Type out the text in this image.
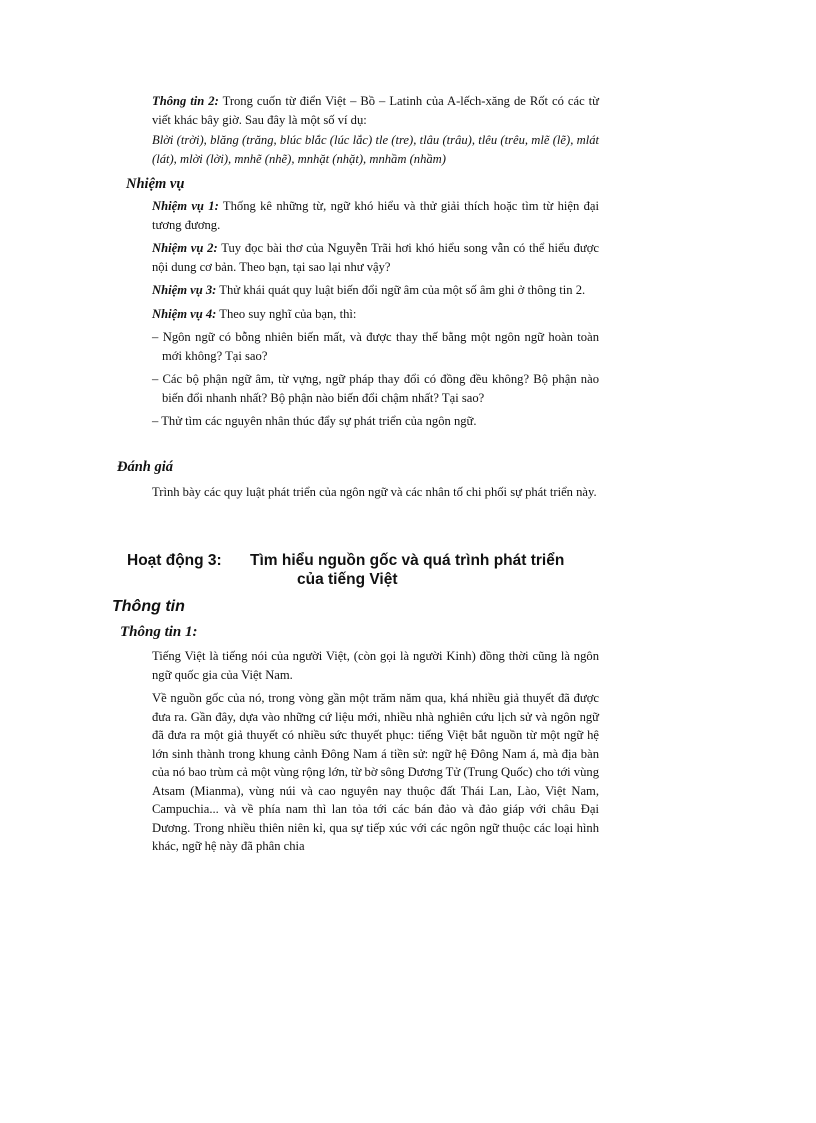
Thông tin 2: Trong cuốn từ điển Việt – Bồ – Latinh của A-lếch-xăng de Rốt có các từ viết khác bây giờ. Sau đây là một số ví dụ:

Blời (trời), blăng (trăng, blúc blắc (lúc lắc) tle (tre), tlâu (trâu), tlêu (trêu, mlẽ (lẽ), mlát (lát), mlời (lời), mnhẽ (nhẽ), mnhặt (nhặt), mnhầm (nhầm)

Nhiệm vụ

Nhiệm vụ 1: Thống kê những từ, ngữ khó hiểu và thử giải thích hoặc tìm từ hiện đại tương đương.

Nhiệm vụ 2: Tuy đọc bài thơ của Nguyễn Trãi hơi khó hiểu song vẫn có thể hiểu được nội dung cơ bản. Theo bạn, tại sao lại như vậy?

Nhiệm vụ 3: Thử khái quát quy luật biến đổi ngữ âm của một số âm ghi ở thông tin 2.

Nhiệm vụ 4: Theo suy nghĩ của bạn, thì:

– Ngôn ngữ có bỗng nhiên biến mất, và được thay thế bằng một ngôn ngữ hoàn toàn mới không? Tại sao?

– Các bộ phận ngữ âm, từ vựng, ngữ pháp thay đổi có đồng đều không? Bộ phận nào biến đổi nhanh nhất? Bộ phận nào biến đổi chậm nhất? Tại sao?

– Thử tìm các nguyên nhân thúc đẩy sự phát triển của ngôn ngữ.

Đánh giá

Trình bày các quy luật phát triển của ngôn ngữ và các nhân tố chi phối sự phát triển này.

Hoạt động 3: Tìm hiểu nguồn gốc và quá trình phát triển
của tiếng Việt
Thông tin
Thông tin 1:

Tiếng Việt là tiếng nói của người Việt, (còn gọi là người Kinh) đồng thời cũng là ngôn ngữ quốc gia của Việt Nam.

Về nguồn gốc của nó, trong vòng gần một trăm năm qua, khá nhiều giả thuyết đã được đưa ra. Gần đây, dựa vào những cứ liệu mới, nhiều nhà nghiên cứu lịch sử và ngôn ngữ đã đưa ra một giả thuyết có nhiều sức thuyết phục: tiếng Việt bắt nguồn từ một ngữ hệ lớn sinh thành trong khung cảnh Đông Nam á tiền sử: ngữ hệ Đông Nam á, mà địa bàn của nó bao trùm cả một vùng rộng lớn, từ bờ sông Dương Tử (Trung Quốc) cho tới vùng Atsam (Mianma), vùng núi và cao nguyên nay thuộc đất Thái Lan, Lào, Việt Nam, Campuchia... và về phía nam thì lan tỏa tới các bán đảo và đảo giáp với châu Đại Dương. Trong nhiều thiên niên kỉ, qua sự tiếp xúc với các ngôn ngữ thuộc các loại hình khác, ngữ hệ này đã phân chia
